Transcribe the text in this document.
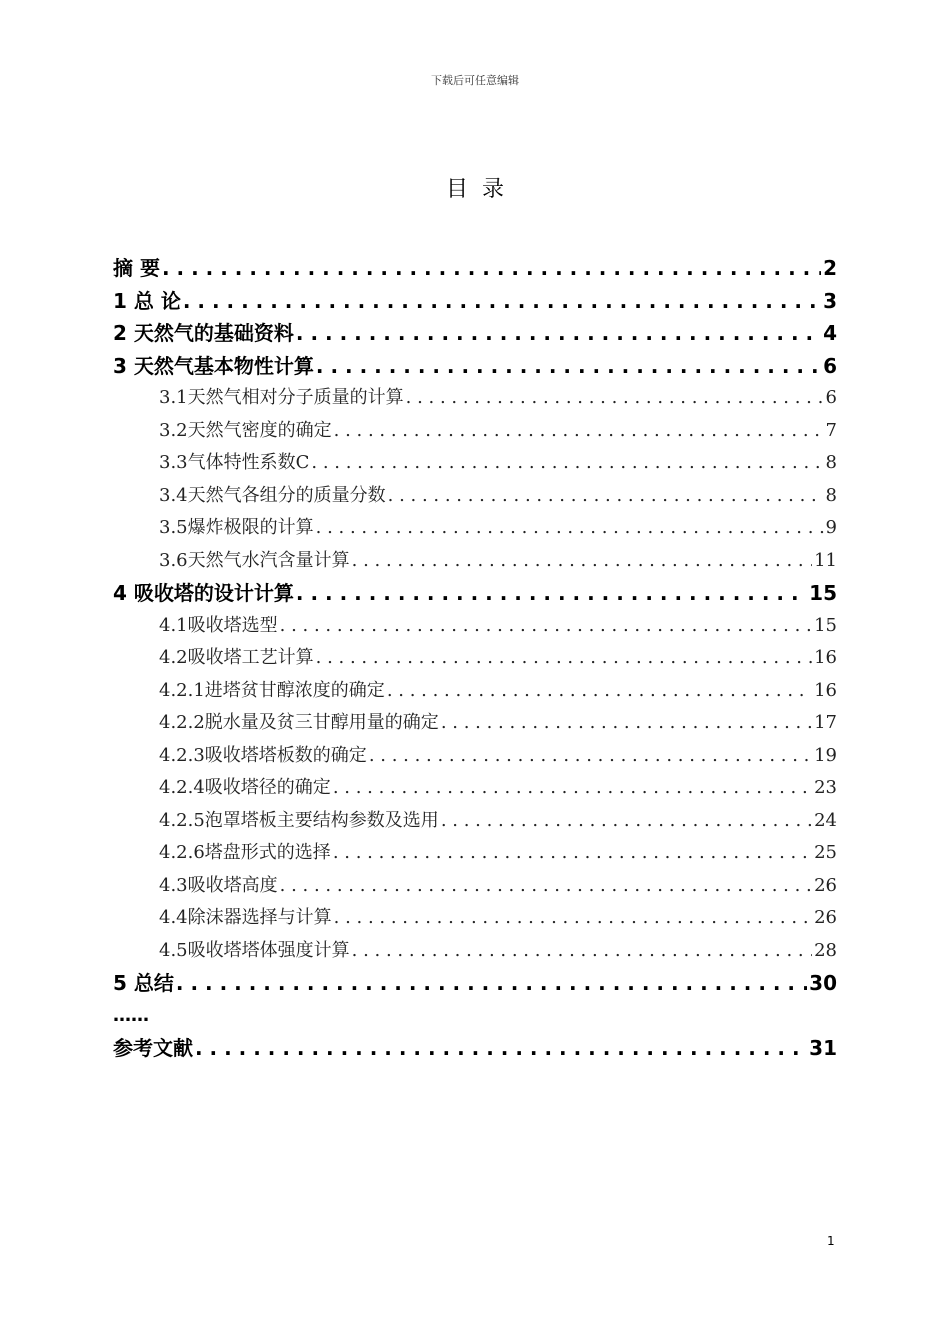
下载后可任意编辑
目录
摘 要 . . .	2
1 总 论 . . .	3
2 天然气的基础资料 . . .	4
3 天然气基本物性计算 . . .	6
3.1天然气相对分子质量的计算 . . .	6
3.2天然气密度的确定 . . .	7
3.3气体特性系数C . . .	8
3.4天然气各组分的质量分数 . . .	8
3.5爆炸极限的计算 . . .	9
3.6天然气水汽含量计算 . . .	11
4 吸收塔的设计计算 . . .	15
4.1吸收塔选型 . . .	15
4.2吸收塔工艺计算 . . .	16
4.2.1进塔贫甘醇浓度的确定 . . .	16
4.2.2脱水量及贫三甘醇用量的确定 . . .	17
4.2.3吸收塔塔板数的确定 . . .	19
4.2.4吸收塔径的确定 . . .	23
4.2.5泡罩塔板主要结构参数及选用 . . .	24
4.2.6塔盘形式的选择 . . .	25
4.3吸收塔高度 . . .	26
4.4除沫器选择与计算 . . .	26
4.5吸收塔塔体强度计算 . . .	28
5 总结 . . .	30
……
参考文献 . . .	31
1
